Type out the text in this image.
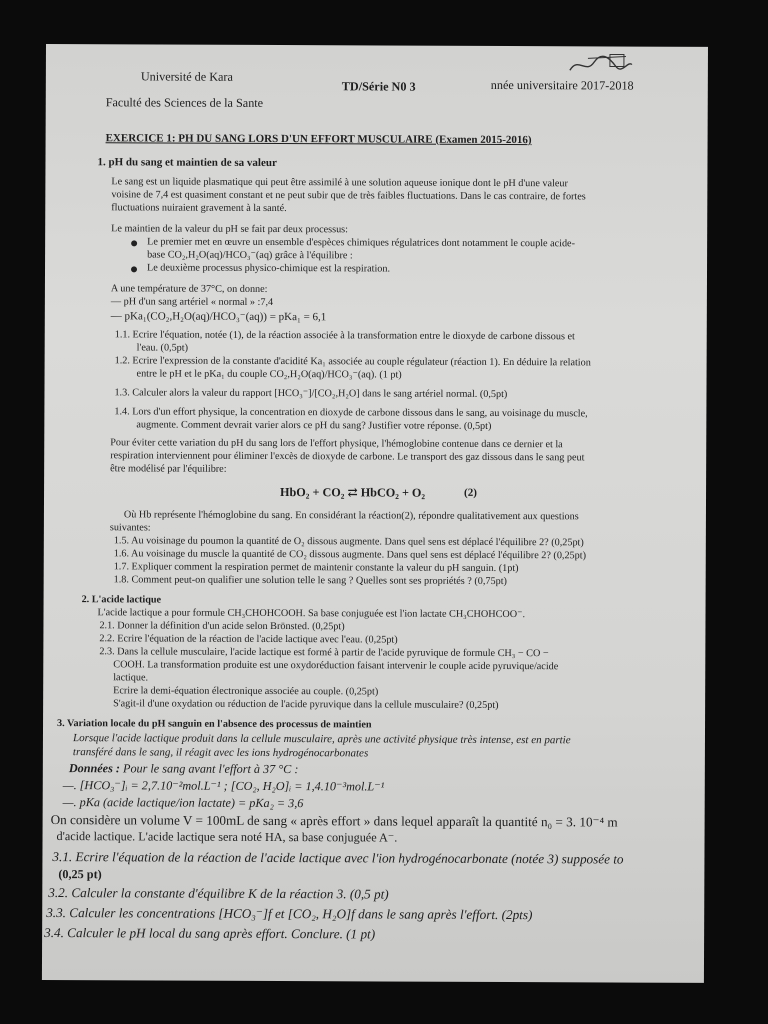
Université de Kara
Faculté des Sciences de la Sante
TD/Série N0 3	nnée universitaire 2017-2018
EXERCICE 1: PH DU SANG LORS D'UN EFFORT MUSCULAIRE (Examen 2015-2016)
1. pH du sang et maintien de sa valeur
Le sang est un liquide plasmatique qui peut être assimilé à une solution aqueuse ionique dont le pH d'une valeur
voisine de 7,4 est quasiment constant et ne peut subir que de très faibles fluctuations. Dans le cas contraire, de fortes
fluctuations nuiraient gravement à la santé.
Le maintien de la valeur du pH se fait par deux processus:
Le premier met en œuvre un ensemble d'espèces chimiques régulatrices dont notamment le couple acide-
base CO₂,H₂O(aq)/HCO₃⁻(aq) grâce à l'équilibre :
Le deuxième processus physico-chimique est la respiration.
A une température de 37°C, on donne:
— pH d'un sang artériel « normal » :7,4
— pKa₁(CO₂,H₂O(aq)/HCO₃⁻(aq)) = pKa₁ = 6,1
1.1. Ecrire l'équation, notée (1), de la réaction associée à la transformation entre le dioxyde de carbone dissous et
l'eau. (0,5pt)
1.2. Ecrire l'expression de la constante d'acidité Ka₁ associée au couple régulateur (réaction 1). En déduire la relation
entre le pH et le pKa₁ du couple CO₂,H₂O(aq)/HCO₃⁻(aq). (1 pt)
1.3. Calculer alors la valeur du rapport [HCO₃⁻]/[CO₂,H₂O] dans le sang artériel normal. (0,5pt)
1.4. Lors d'un effort physique, la concentration en dioxyde de carbone dissous dans le sang, au voisinage du muscle,
augmente. Comment devrait varier alors ce pH du sang? Justifier votre réponse. (0,5pt)
Pour éviter cette variation du pH du sang lors de l'effort physique, l'hémoglobine contenue dans ce dernier et la
respiration interviennent pour éliminer l'excès de dioxyde de carbone. Le transport des gaz dissous dans le sang peut
être modélisé par l'équilibre:
HbO₂ + CO₂ ⇄ HbCO₂ + O₂	(2)
Où Hb représente l'hémoglobine du sang. En considérant la réaction(2), répondre qualitativement aux questions
suivantes:
1.5. Au voisinage du poumon la quantité de O₂ dissous augmente. Dans quel sens est déplacé l'équilibre 2? (0,25pt)
1.6. Au voisinage du muscle la quantité de CO₂ dissous augmente. Dans quel sens est déplacé l'équilibre 2? (0,25pt)
1.7. Expliquer comment la respiration permet de maintenir constante la valeur du pH sanguin. (1pt)
1.8. Comment peut-on qualifier une solution telle le sang ? Quelles sont ses propriétés ? (0,75pt)
2. L'acide lactique
L'acide lactique a pour formule CH₃CHOHCOOH. Sa base conjuguée est l'ion lactate CH₃CHOHCOO⁻.
2.1. Donner la définition d'un acide selon Brönsted. (0,25pt)
2.2. Ecrire l'équation de la réaction de l'acide lactique avec l'eau. (0,25pt)
2.3. Dans la cellule musculaire, l'acide lactique est formé à partir de l'acide pyruvique de formule CH₃ − CO −
COOH. La transformation produite est une oxydoréduction faisant intervenir le couple acide pyruvique/acide
lactique.
Ecrire la demi-équation électronique associée au couple. (0,25pt)
S'agit-il d'une oxydation ou réduction de l'acide pyruvique dans la cellule musculaire? (0,25pt)
3. Variation locale du pH sanguin en l'absence des processus de maintien
Lorsque l'acide lactique produit dans la cellule musculaire, après une activité physique très intense, est en partie
transféré dans le sang, il réagit avec les ions hydrogénocarbonates
Données : Pour le sang avant l'effort à 37 °C :
—. [HCO₃⁻]ᵢ = 2,7.10⁻²mol.L⁻¹ ; [CO₂, H₂O]ᵢ = 1,4.10⁻³mol.L⁻¹
—. pKa (acide lactique/ion lactate) = pKa₂ = 3,6
On considère un volume V = 100mL de sang « après effort » dans lequel apparaît la quantité n₀ = 3. 10⁻⁴ m
d'acide lactique. L'acide lactique sera noté HA, sa base conjuguée A⁻.
3.1. Ecrire l'équation de la réaction de l'acide lactique avec l'ion hydrogénocarbonate (notée 3) supposée to
(0,25 pt)
3.2. Calculer la constante d'équilibre K de la réaction 3. (0,5 pt)
3.3. Calculer les concentrations [HCO₃⁻]f et [CO₂, H₂O]f dans le sang après l'effort. (2pts)
3.4. Calculer le pH local du sang après effort. Conclure. (1 pt)
